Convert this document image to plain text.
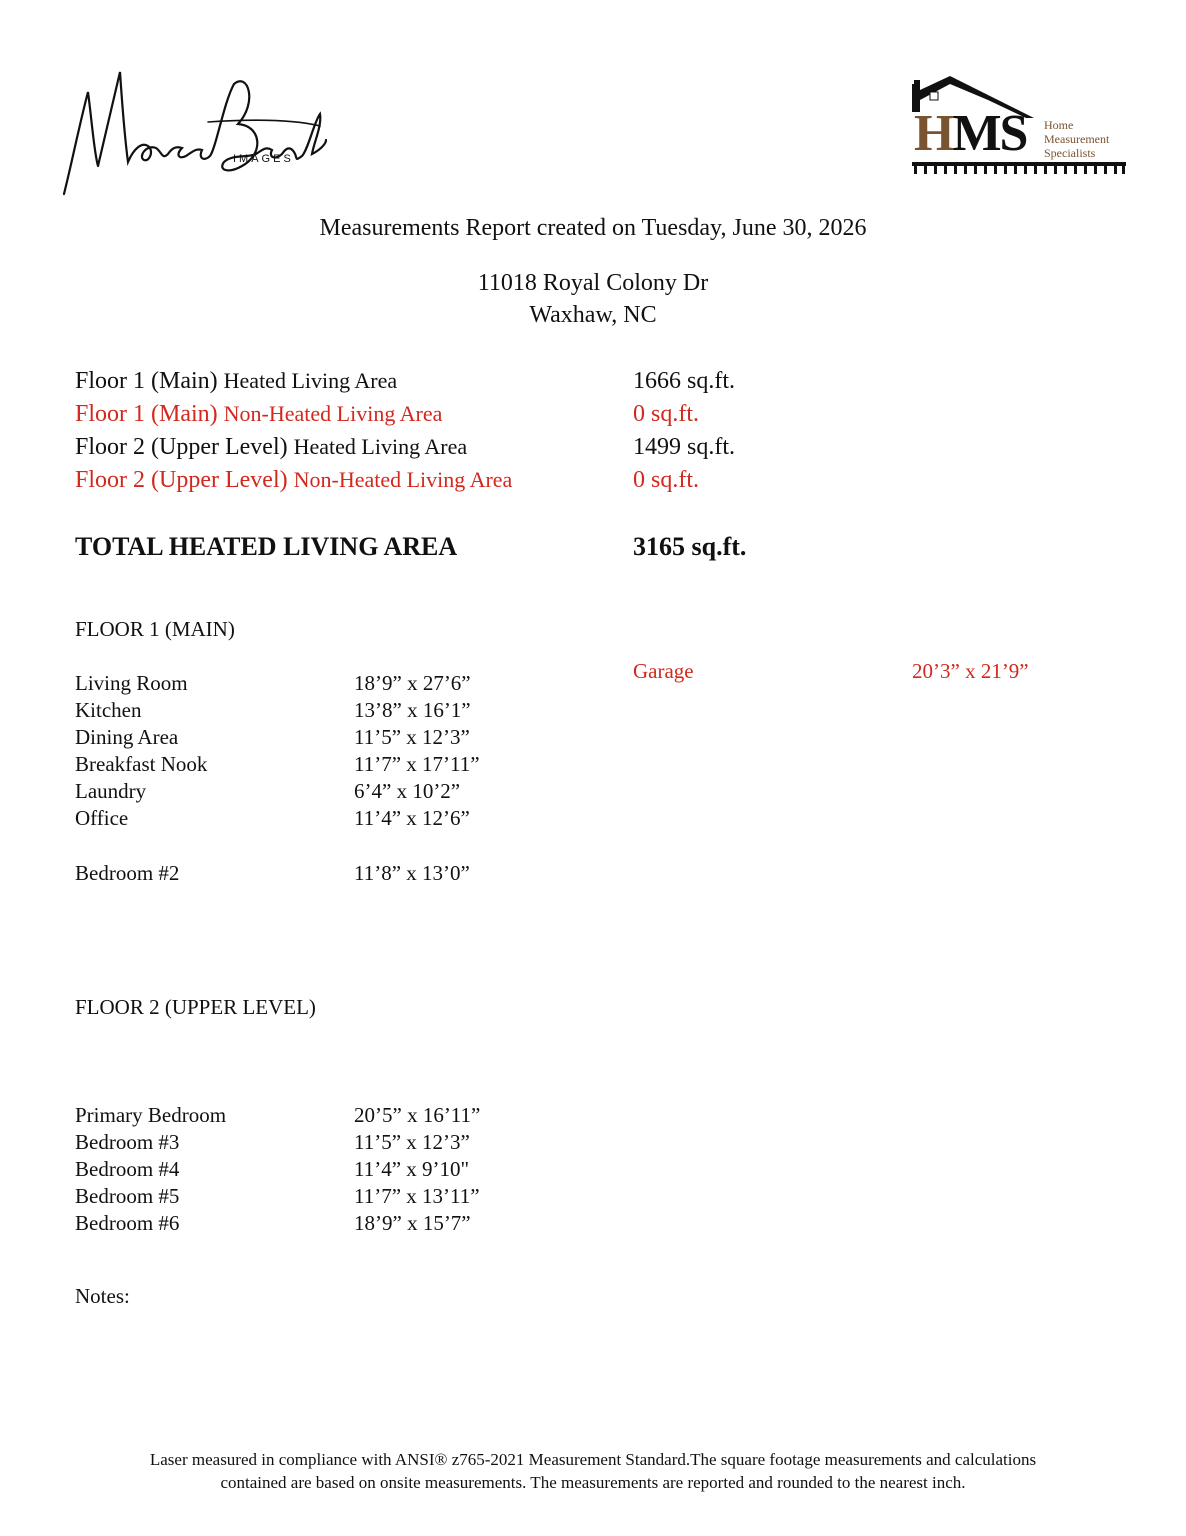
IMAGES	HMS Home
Measurement
Specialists
Measurements Report created on Tuesday, June 30, 2026
11018 Royal Colony Dr
Waxhaw, NC
Floor 1 (Main) Heated Living Area	1666 sq.ft.
Floor 1 (Main) Non-Heated Living Area	0 sq.ft.
Floor 2 (Upper Level) Heated Living Area	1499 sq.ft.
Floor 2 (Upper Level) Non-Heated Living Area	0 sq.ft.
TOTAL HEATED LIVING AREA	3165 sq.ft.
FLOOR 1 (MAIN)
Living Room	18’9” x 27’6”
Kitchen	13’8” x 16’1”
Dining Area	11’5” x 12’3”
Breakfast Nook	11’7” x 17’11”
Laundry	6’4” x 10’2”
Office	11’4” x 12’6”
Bedroom #2	11’8” x 13’0”
Garage	20’3” x 21’9”
FLOOR 2 (UPPER LEVEL)
Primary Bedroom	20’5” x 16’11”
Bedroom #3	11’5” x 12’3”
Bedroom #4	11’4” x 9’10"
Bedroom #5	11’7” x 13’11”
Bedroom #6	18’9” x 15’7”
Notes:
Laser measured in compliance with ANSI® z765-2021 Measurement Standard.The square footage measurements and calculations
contained are based on onsite measurements. The measurements are reported and rounded to the nearest inch.
